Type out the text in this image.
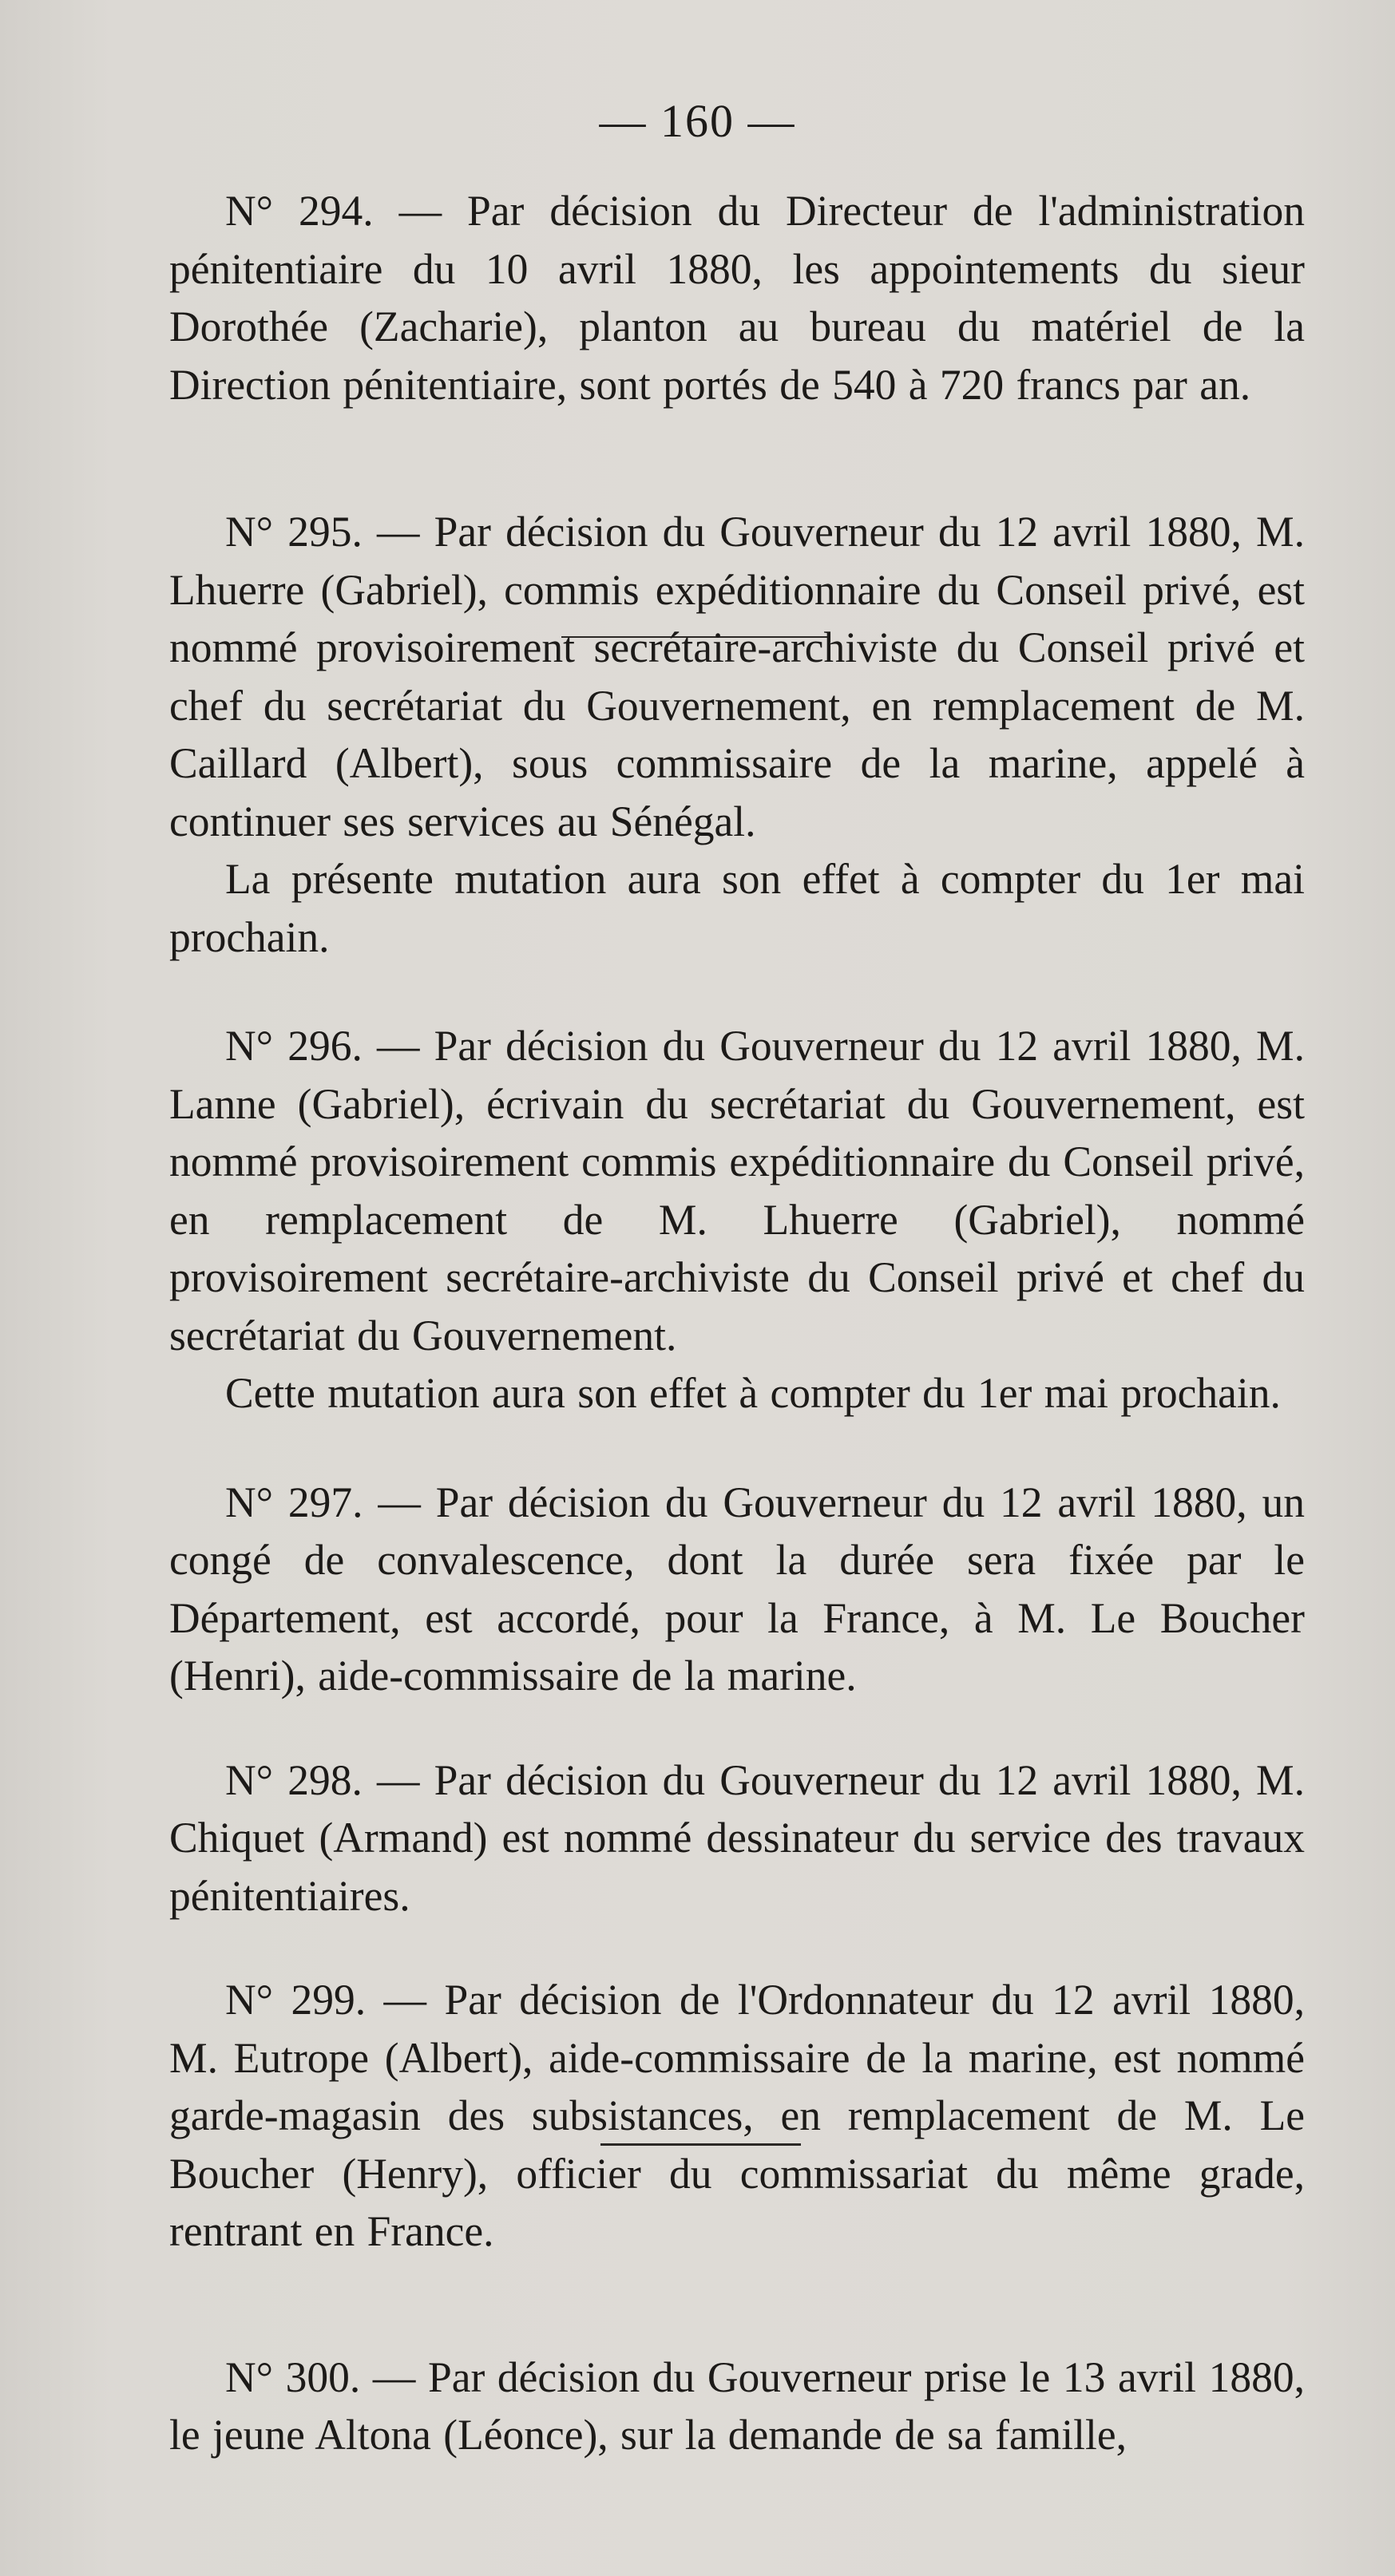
— 160 —

N° 294. — Par décision du Directeur de l'administration pénitentiaire du 10 avril 1880, les appointements du sieur Dorothée (Zacharie), planton au bureau du matériel de la Direction pénitentiaire, sont portés de 540 à 720 francs par an.

N° 295. — Par décision du Gouverneur du 12 avril 1880, M. Lhuerre (Gabriel), commis expéditionnaire du Conseil privé, est nommé provisoirement secrétaire-archiviste du Conseil privé et chef du secrétariat du Gouvernement, en remplacement de M. Caillard (Albert), sous commissaire de la marine, appelé à continuer ses services au Sénégal.

La présente mutation aura son effet à compter du 1er mai prochain.

N° 296. — Par décision du Gouverneur du 12 avril 1880, M. Lanne (Gabriel), écrivain du secrétariat du Gouvernement, est nommé provisoirement commis expéditionnaire du Conseil privé, en remplacement de M. Lhuerre (Gabriel), nommé provisoirement secrétaire-archiviste du Conseil privé et chef du secrétariat du Gouvernement.

Cette mutation aura son effet à compter du 1er mai prochain.

N° 297. — Par décision du Gouverneur du 12 avril 1880, un congé de convalescence, dont la durée sera fixée par le Département, est accordé, pour la France, à M. Le Boucher (Henri), aide-commissaire de la marine.

N° 298. — Par décision du Gouverneur du 12 avril 1880, M. Chiquet (Armand) est nommé dessinateur du service des travaux pénitentiaires.

N° 299. — Par décision de l'Ordonnateur du 12 avril 1880, M. Eutrope (Albert), aide-commissaire de la marine, est nommé garde-magasin des subsistances, en remplacement de M. Le Boucher (Henry), officier du commissariat du même grade, rentrant en France.

N° 300. — Par décision du Gouverneur prise le 13 avril 1880, le jeune Altona (Léonce), sur la demande de sa famille,
